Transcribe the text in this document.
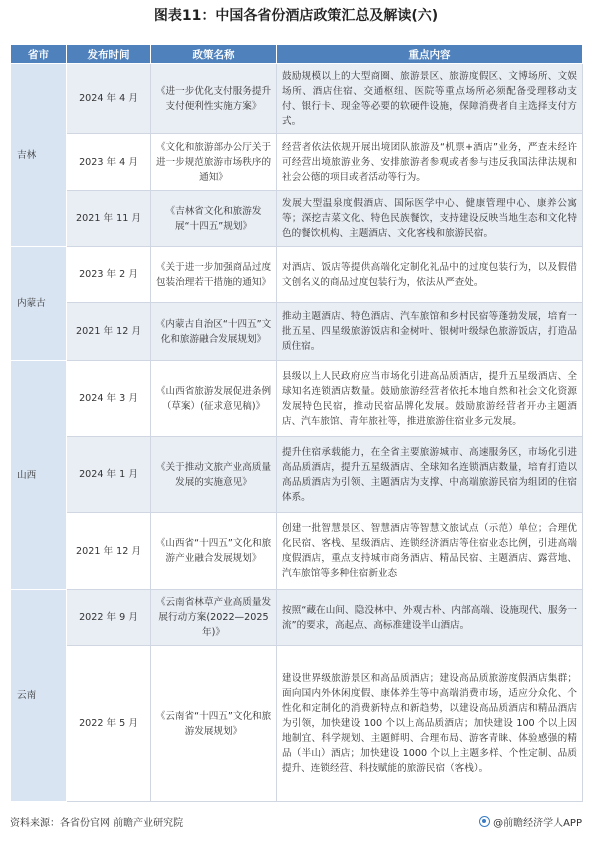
图表11：中国各省份酒店政策汇总及解读(六)
省市	发布时间	政策名称	重点内容
吉林	2024 年 4 月	《进一步优化支付服务提升支付便利性实施方案》	鼓励规模以上的大型商圈、旅游景区、旅游度假区、文博场所、文娱场所、酒店住宿、交通枢纽、医院等重点场所必须配备受理移动支付、银行卡、现金等必要的软硬件设施，保障消费者自主选择支付方式。
	2023 年 4 月	《文化和旅游部办公厅关于进一步规范旅游市场秩序的通知》	经营者依法依规开展出境团队旅游及“机票+酒店”业务，严查未经许可经营出境旅游业务、安排旅游者参观或者参与违反我国法律法规和社会公德的项目或者活动等行为。
	2021 年 11 月	《吉林省文化和旅游发展“十四五”规划》	发展大型温泉度假酒店、国际医学中心、健康管理中心、康养公寓等；深挖吉菜文化、特色民族餐饮，支持建设反映当地生态和文化特色的餐饮机构、主题酒店、文化客栈和旅游民宿。
内蒙古	2023 年 2 月	《关于进一步加强商品过度包装治理若干措施的通知》	对酒店、饭店等提供高端化定制化礼品中的过度包装行为，以及假借文创名义的商品过度包装行为，依法从严查处。
	2021 年 12 月	《内蒙古自治区“十四五”文化和旅游融合发展规划》	推动主题酒店、特色酒店、汽车旅馆和乡村民宿等蓬勃发展，培育一批五星、四星级旅游饭店和金树叶、银树叶级绿色旅游饭店，打造品质住宿。
山西	2024 年 3 月	《山西省旅游发展促进条例（草案）(征求意见稿)》	县级以上人民政府应当市场化引进高品质酒店，提升五星级酒店、全球知名连锁酒店数量。鼓励旅游经营者依托本地自然和社会文化资源发展特色民宿，推动民宿品牌化发展。鼓励旅游经营者开办主题酒店、汽车旅馆、青年旅社等，推进旅游住宿业多元发展。
	2024 年 1 月	《关于推动文旅产业高质量发展的实施意见》	提升住宿承载能力，在全省主要旅游城市、高速服务区，市场化引进高品质酒店，提升五星级酒店、全球知名连锁酒店数量，培育打造以高品质酒店为引领、主题酒店为支撑、中高端旅游民宿为组团的住宿体系。
	2021 年 12 月	《山西省“十四五”文化和旅游产业融合发展规划》	创建一批智慧景区、智慧酒店等智慧文旅试点（示范）单位；合理优化民宿、客栈、星级酒店、连锁经济酒店等住宿业态比例，引进高端度假酒店，重点支持城市商务酒店、精品民宿、主题酒店、露营地、汽车旅馆等多种住宿新业态
云南	2022 年 9 月	《云南省林草产业高质量发展行动方案(2022—2025 年)》	按照“藏在山间、隐没林中、外观古朴、内部高端、设施现代、服务一流”的要求，高起点、高标准建设半山酒店。
	2022 年 5 月	《云南省“十四五”文化和旅游发展规划》	建设世界级旅游景区和高品质酒店；建设高品质旅游度假酒店集群；面向国内外休闲度假、康体养生等中高端消费市场，适应分众化、个性化和定制化的消费新特点和新趋势，以建设高品质酒店和精品酒店为引领，加快建设 100 个以上高品质酒店；加快建设 100 个以上因地制宜、科学规划、主题鲜明、合理布局、游客青睐、体验感强的精品（半山）酒店；加快建设 1000 个以上主题多样、个性定制、品质提升、连锁经营、科技赋能的旅游民宿（客栈）。
资料来源：各省份官网 前瞻产业研究院	@前瞻经济学人APP
